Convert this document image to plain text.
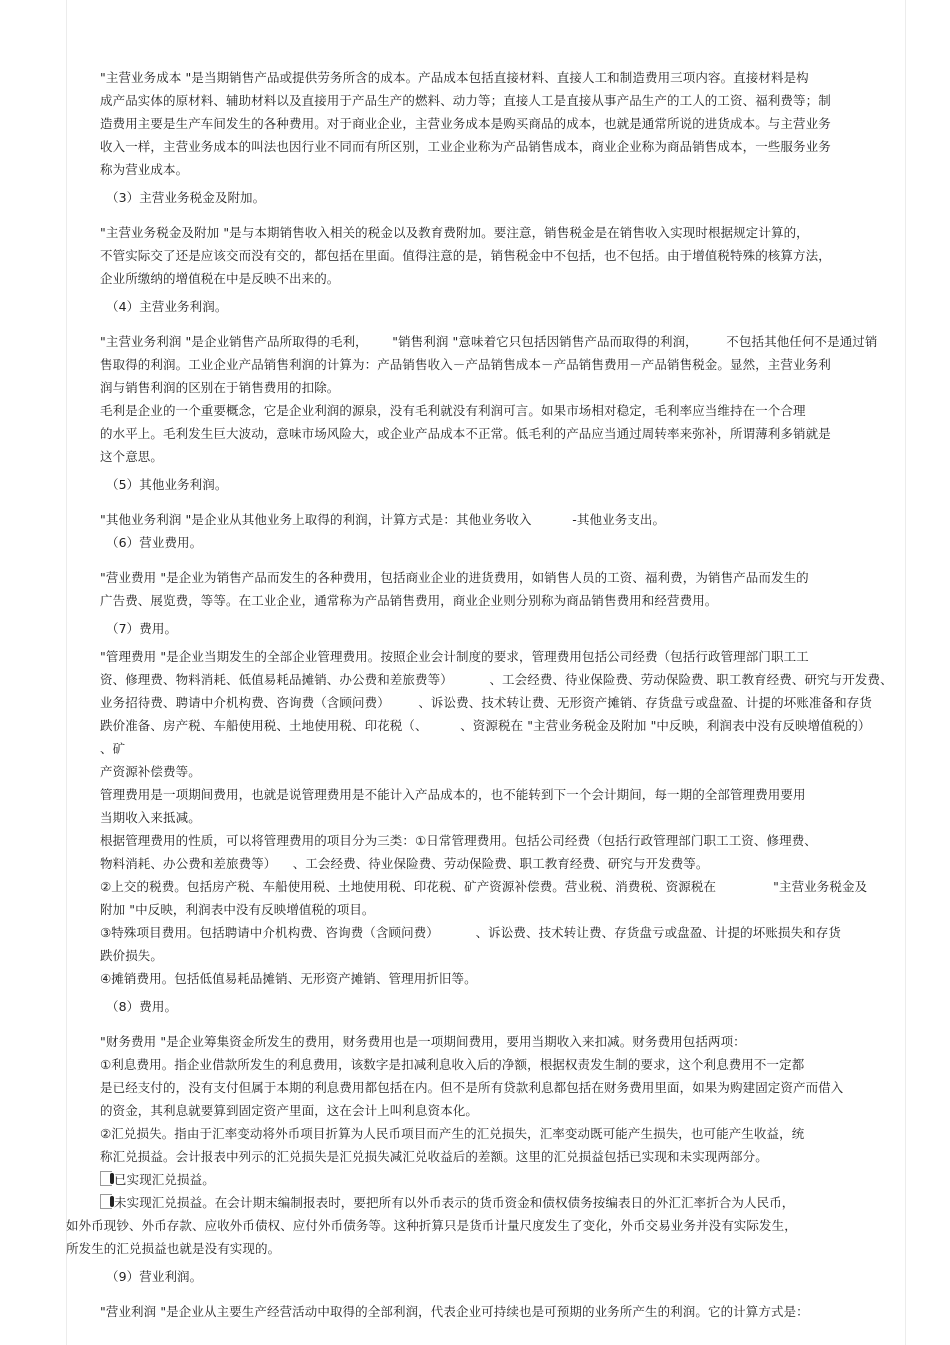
"主营业务成本 "是当期销售产品或提供劳务所含的成本。产品成本包括直接材料、直接人工和制造费用三项内容。直接材料是构
成产品实体的原材料、辅助材料以及直接用于产品生产的燃料、动力等；直接人工是直接从事产品生产的工人的工资、福利费等；制
造费用主要是生产车间发生的各种费用。对于商业企业，主营业务成本是购买商品的成本，也就是通常所说的进货成本。与主营业务
收入一样，主营业务成本的叫法也因行业不同而有所区别，工业企业称为产品销售成本，商业企业称为商品销售成本，一些服务业务
称为营业成本。
（3）主营业务税金及附加。
"主营业务税金及附加 "是与本期销售收入相关的税金以及教育费附加。要注意，销售税金是在销售收入实现时根据规定计算的，
不管实际交了还是应该交而没有交的，都包括在里面。值得注意的是，销售税金中不包括，也不包括。由于增值税特殊的核算方法，
企业所缴纳的增值税在中是反映不出来的。
（4）主营业务利润。
"主营业务利润 "是企业销售产品所取得的毛利，      "销售利润 "意味着它只包括因销售产品而取得的利润，       不包括其他任何不是通过销
售取得的利润。工业企业产品销售利润的计算为：产品销售收入－产品销售成本－产品销售费用－产品销售税金。显然，主营业务利
润与销售利润的区别在于销售费用的扣除。
毛利是企业的一个重要概念，它是企业利润的源泉，没有毛利就没有利润可言。如果市场相对稳定，毛利率应当维持在一个合理
的水平上。毛利发生巨大波动，意味市场风险大，或企业产品成本不正常。低毛利的产品应当通过周转率来弥补，所谓薄利多销就是
这个意思。
（5）其他业务利润。
"其他业务利润 "是企业从其他业务上取得的利润，计算方式是：其他业务收入          -其他业务支出。
（6）营业费用。
"营业费用 "是企业为销售产品而发生的各种费用，包括商业企业的进货费用，如销售人员的工资、福利费，为销售产品而发生的
广告费、展览费，等等。在工业企业，通常称为产品销售费用，商业企业则分别称为商品销售费用和经营费用。
（7）费用。
"管理费用 "是企业当期发生的全部企业管理费用。按照企业会计制度的要求，管理费用包括公司经费（包括行政管理部门职工工
资、修理费、物料消耗、低值易耗品摊销、办公费和差旅费等）         、工会经费、待业保险费、劳动保险费、职工教育经费、研究与开发费、
业务招待费、聘请中介机构费、咨询费（含顾问费）       、诉讼费、技术转让费、无形资产摊销、存货盘亏或盘盈、计提的坏账准备和存货
跌价准备、房产税、车船使用税、土地使用税、印花税（、        、资源税在 "主营业务税金及附加 "中反映，利润表中没有反映增值税的）      、矿
产资源补偿费等。
管理费用是一项期间费用，也就是说管理费用是不能计入产品成本的，也不能转到下一个会计期间，每一期的全部管理费用要用
当期收入来抵减。
根据管理费用的性质，可以将管理费用的项目分为三类：①日常管理费用。包括公司经费（包括行政管理部门职工工资、修理费、
物料消耗、办公费和差旅费等）    、工会经费、待业保险费、劳动保险费、职工教育经费、研究与开发费等。
②上交的税费。包括房产税、车船使用税、土地使用税、印花税、矿产资源补偿费。营业税、消费税、资源税在              "主营业务税金及
附加 "中反映，利润表中没有反映增值税的项目。
③特殊项目费用。包括聘请中介机构费、咨询费（含顾问费）         、诉讼费、技术转让费、存货盘亏或盘盈、计提的坏账损失和存货
跌价损失。
④摊销费用。包括低值易耗品摊销、无形资产摊销、管理用折旧等。
（8）费用。
"财务费用 "是企业筹集资金所发生的费用，财务费用也是一项期间费用，要用当期收入来扣减。财务费用包括两项：
①利息费用。指企业借款所发生的利息费用，该数字是扣减利息收入后的净额，根据权责发生制的要求，这个利息费用不一定都
是已经支付的，没有支付但属于本期的利息费用都包括在内。但不是所有贷款利息都包括在财务费用里面，如果为购建固定资产而借入
的资金，其利息就要算到固定资产里面，这在会计上叫利息资本化。
②汇兑损失。指由于汇率变动将外币项目折算为人民币项目而产生的汇兑损失，汇率变动既可能产生损失，也可能产生收益，统
称汇兑损益。会计报表中列示的汇兑损失是汇兑损失减汇兑收益后的差额。这里的汇兑损益包括已实现和未实现两部分。
已实现汇兑损益。
未实现汇兑损益。在会计期末编制报表时，要把所有以外币表示的货币资金和债权债务按编表日的外汇汇率折合为人民币，
如外币现钞、外币存款、应收外币债权、应付外币债务等。这种折算只是货币计量尺度发生了变化，外币交易业务并没有实际发生，
所发生的汇兑损益也就是没有实现的。
（9）营业利润。
"营业利润 "是企业从主要生产经营活动中取得的全部利润，代表企业可持续也是可预期的业务所产生的利润。它的计算方式是：
